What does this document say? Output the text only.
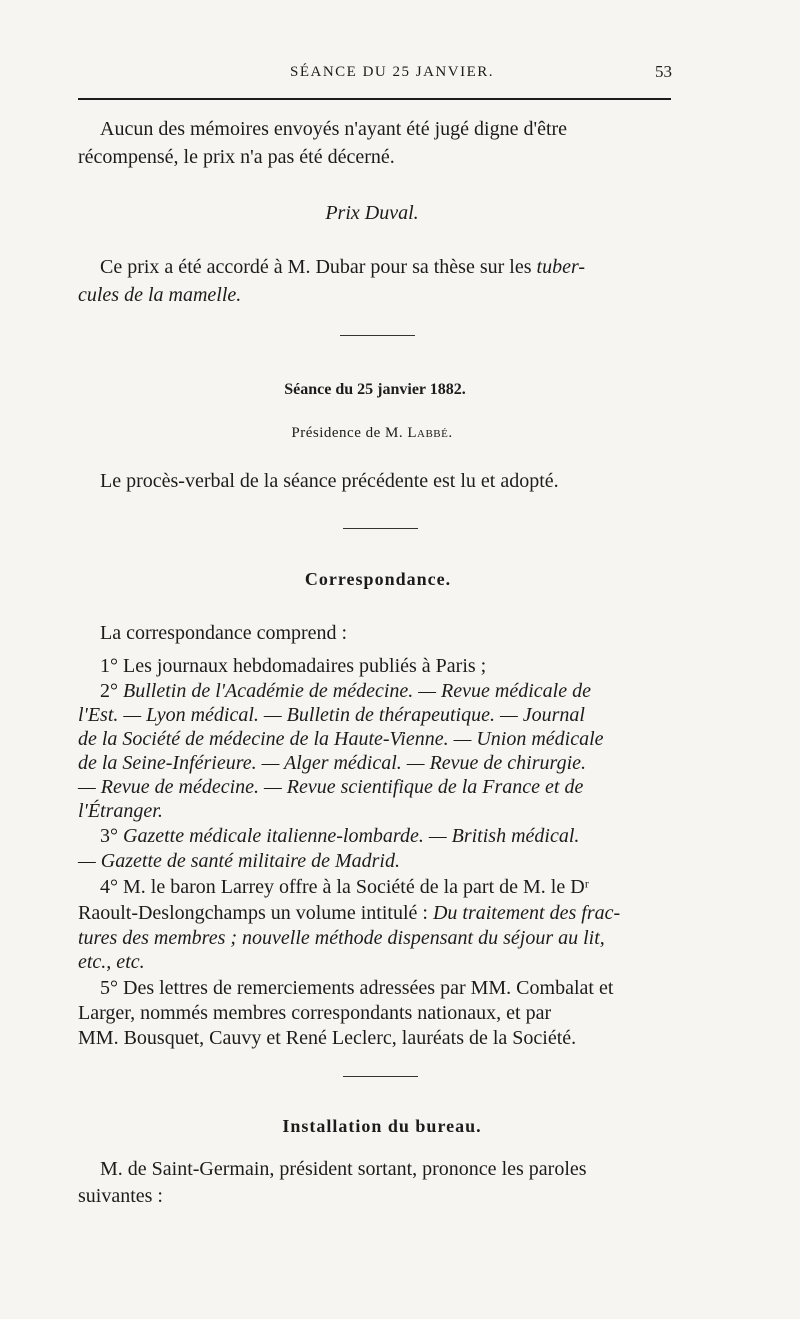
SÉANCE DU 25 JANVIER.	53
Aucun des mémoires envoyés n'ayant été jugé digne d'être
récompensé, le prix n'a pas été décerné.
Prix Duval.
Ce prix a été accordé à M. Dubar pour sa thèse sur les tuber-
cules de la mamelle.
Séance du 25 janvier 1882.
Présidence de M. Labbé.
Le procès-verbal de la séance précédente est lu et adopté.
Correspondance.
La correspondance comprend :
1° Les journaux hebdomadaires publiés à Paris ;
2° Bulletin de l'Académie de médecine. — Revue médicale de
l'Est. — Lyon médical. — Bulletin de thérapeutique. — Journal
de la Société de médecine de la Haute-Vienne. — Union médicale
de la Seine-Inférieure. — Alger médical. — Revue de chirurgie.
— Revue de médecine. — Revue scientifique de la France et de
l'Étranger.
3° Gazette médicale italienne-lombarde. — British médical.
— Gazette de santé militaire de Madrid.
4° M. le baron Larrey offre à la Société de la part de M. le Dʳ
Raoult-Deslongchamps un volume intitulé : Du traitement des frac-
tures des membres ; nouvelle méthode dispensant du séjour au lit,
etc., etc.
5° Des lettres de remerciements adressées par MM. Combalat et
Larger, nommés membres correspondants nationaux, et par
MM. Bousquet, Cauvy et René Leclerc, lauréats de la Société.
Installation du bureau.
M. de Saint-Germain, président sortant, prononce les paroles
suivantes :
